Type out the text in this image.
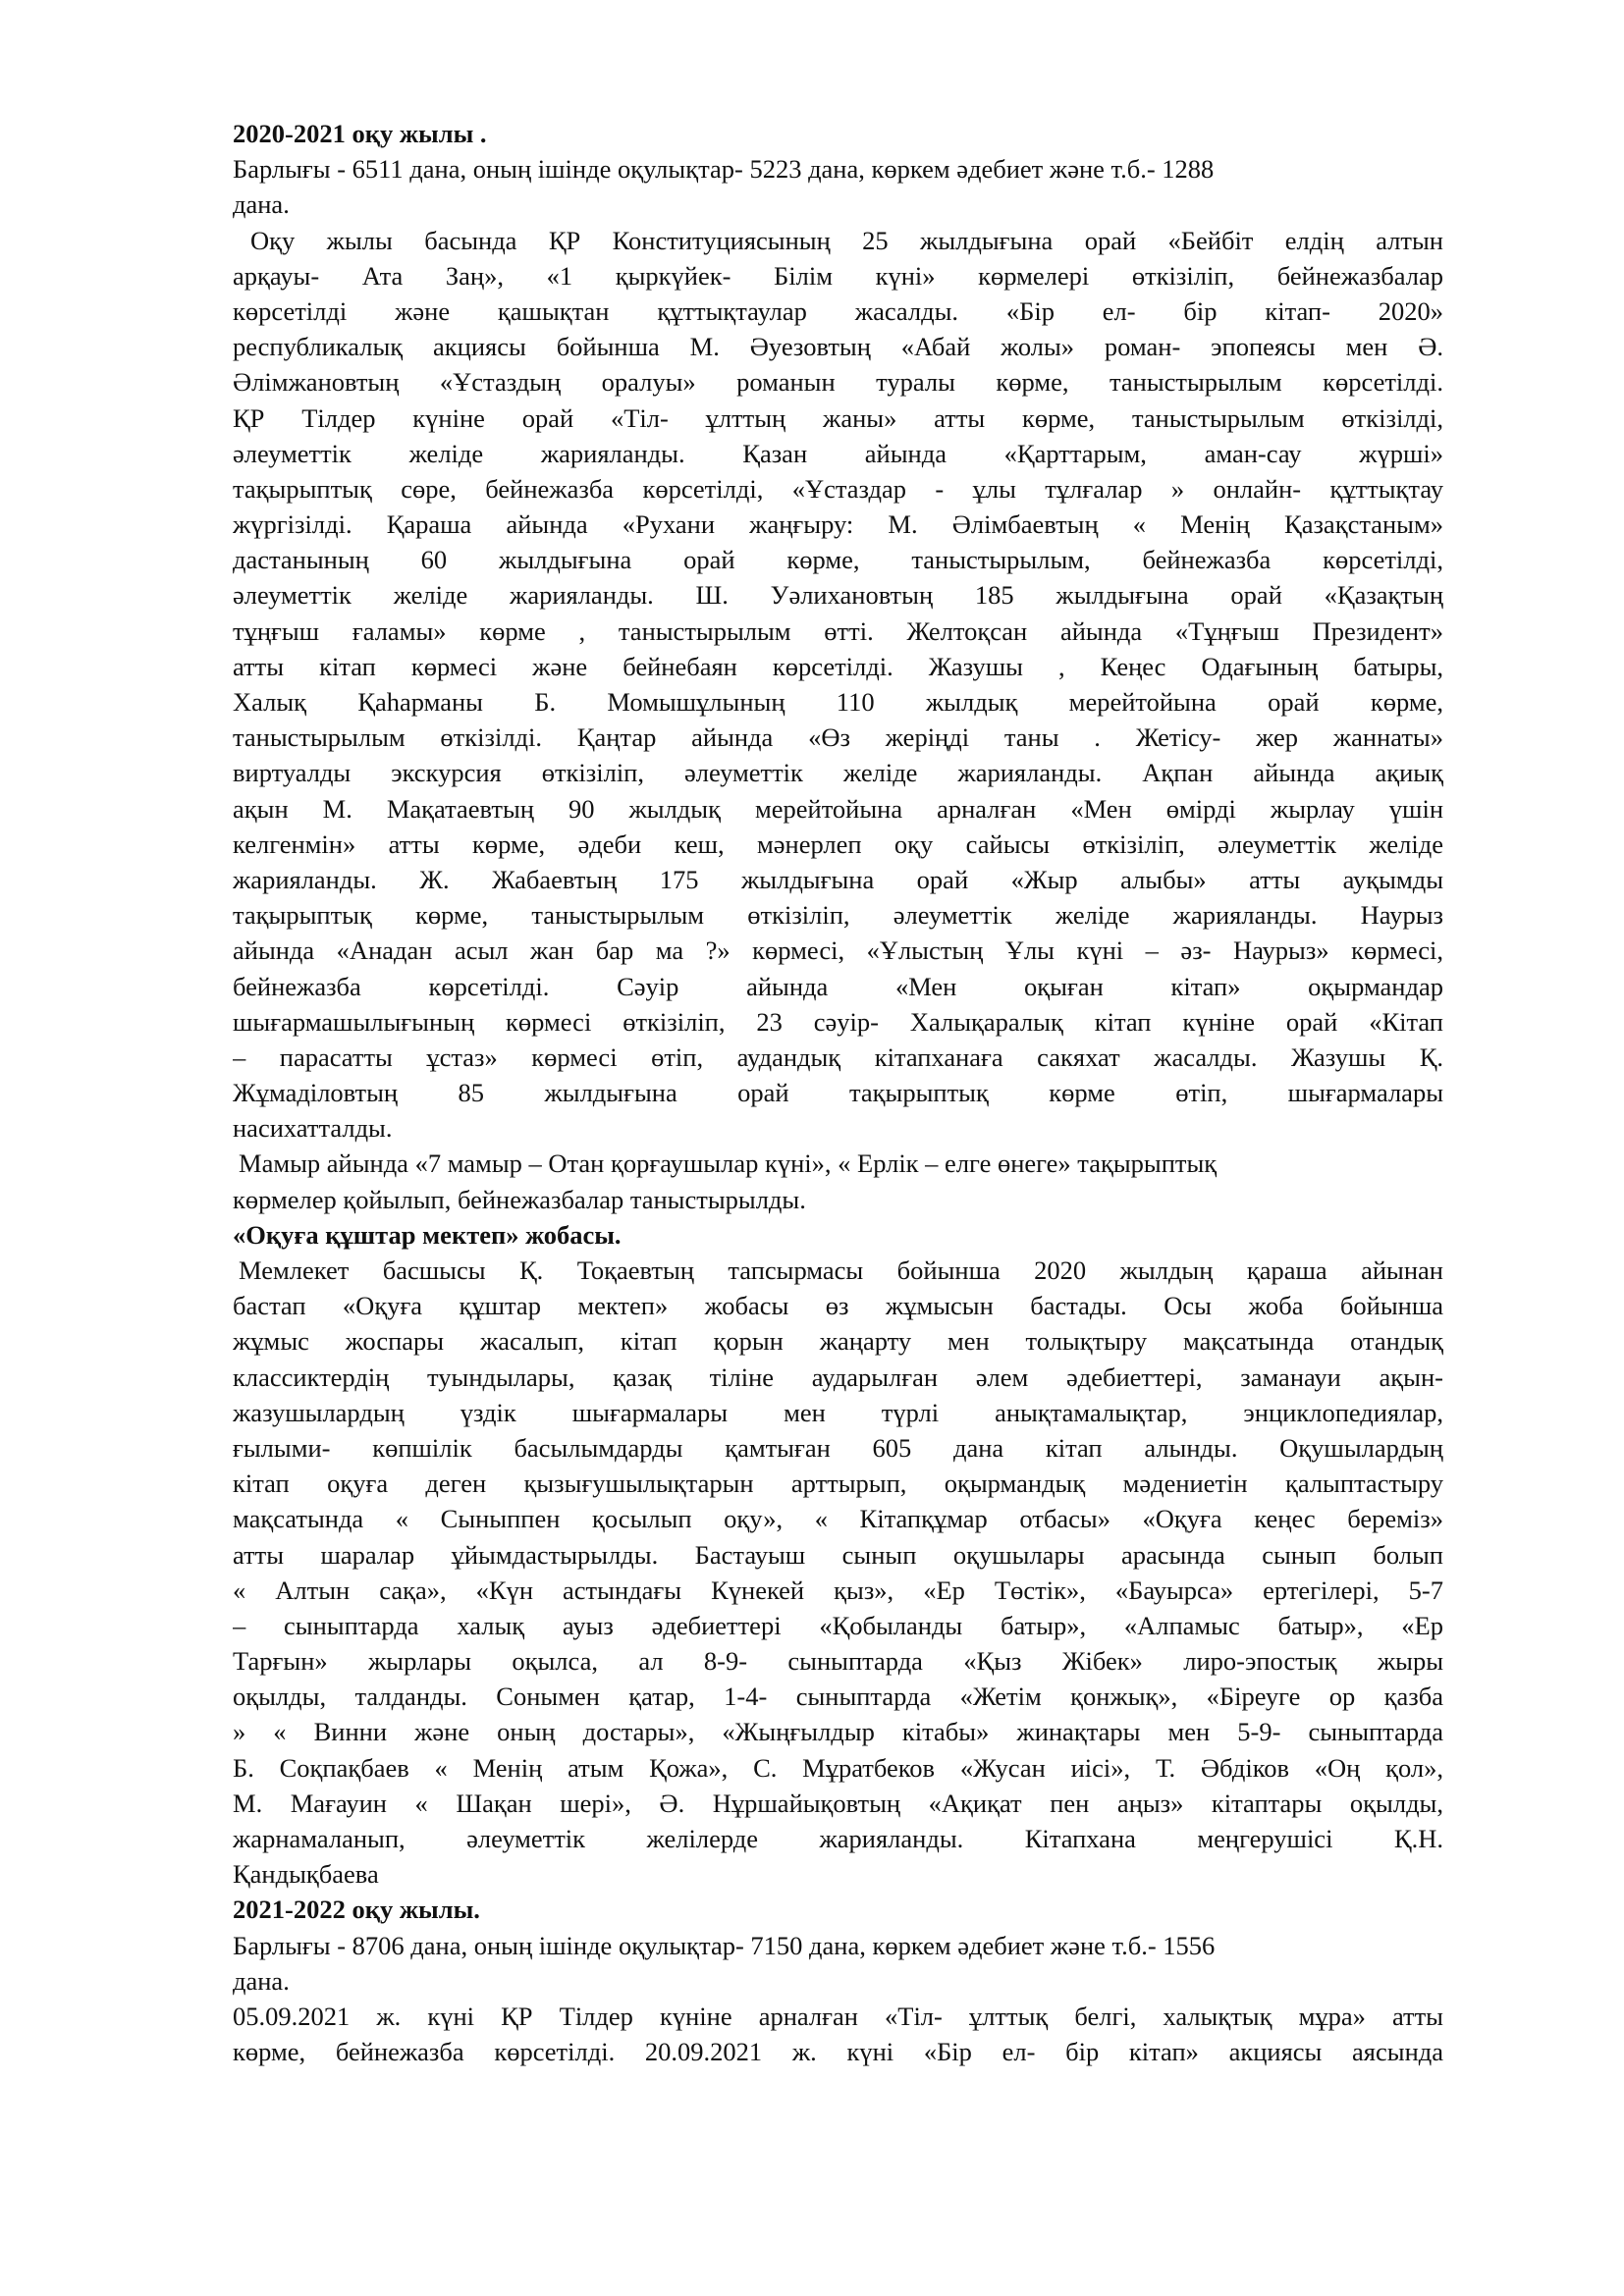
2020-2021 оқу жылы .
Барлығы - 6511 дана, оның ішінде оқулықтар- 5223 дана, көркем әдебиет және т.б.- 1288
дана.
Оқу жылы басында ҚР Конституциясының 25 жылдығына орай «Бейбіт елдің алтын
арқауы- Ата Заң», «1 қыркүйек- Білім күні» көрмелері өткізіліп, бейнежазбалар
көрсетілді және қашықтан құттықтаулар жасалды. «Бір ел- бір кітап- 2020»
республикалық акциясы бойынша М. Әуезовтың «Абай жолы» роман- эпопеясы мен Ә.
Әлімжановтың «Ұстаздың оралуы» романын туралы көрме, таныстырылым көрсетілді.
ҚР Тілдер күніне орай «Тіл- ұлттың жаны» атты көрме, таныстырылым өткізілді,
әлеуметтік желіде жарияланды. Қазан айында «Қарттарым, аман-сау жүрші»
тақырыптық сөре, бейнежазба көрсетілді, «Ұстаздар - ұлы тұлғалар » онлайн- құттықтау
жүргізілді. Қараша айында «Рухани жаңғыру: М. Әлімбаевтың « Менің Қазақстаным»
дастанының 60 жылдығына орай көрме, таныстырылым, бейнежазба көрсетілді,
әлеуметтік желіде жарияланды. Ш. Уәлихановтың 185 жылдығына орай «Қазақтың
тұңғыш ғаламы» көрме , таныстырылым өтті. Желтоқсан айында «Тұңғыш Президент»
атты кітап көрмесі және бейнебаян көрсетілді. Жазушы , Кеңес Одағының батыры,
Халық Қаһарманы Б. Момышұлының 110 жылдық мерейтойына орай көрме,
таныстырылым өткізілді. Қаңтар айында «Өз жеріңді таны . Жетісу- жер жаннаты»
виртуалды экскурсия өткізіліп, әлеуметтік желіде жарияланды. Ақпан айында ақиық
ақын М. Мақатаевтың 90 жылдық мерейтойына арналған «Мен өмірді жырлау үшін
келгенмін» атты көрме, әдеби кеш, мәнерлеп оқу сайысы өткізіліп, әлеуметтік желіде
жарияланды. Ж. Жабаевтың 175 жылдығына орай «Жыр алыбы» атты ауқымды
тақырыптық көрме, таныстырылым өткізіліп, әлеуметтік желіде жарияланды. Наурыз
айында «Анадан асыл жан бар ма ?» көрмесі, «Ұлыстың Ұлы күні – әз- Наурыз» көрмесі,
бейнежазба көрсетілді. Сәуір айында «Мен оқыған кітап» оқырмандар
шығармашылығының көрмесі өткізіліп, 23 сәуір- Халықаралық кітап күніне орай «Кітап
– парасатты ұстаз» көрмесі өтіп, аудандық кітапханаға сакяхат жасалды. Жазушы Қ.
Жұмаділовтың 85 жылдығына орай тақырыптық көрме өтіп, шығармалары
насихатталды.
Мамыр айында «7 мамыр – Отан қорғаушылар күні», « Ерлік – елге өнеге» тақырыптық
көрмелер қойылып, бейнежазбалар таныстырылды.
«Оқуға құштар мектеп» жобасы.
Мемлекет басшысы Қ. Тоқаевтың тапсырмасы бойынша 2020 жылдың қараша айынан
бастап «Оқуға құштар мектеп» жобасы өз жұмысын бастады. Осы жоба бойынша
жұмыс жоспары жасалып, кітап қорын жаңарту мен толықтыру мақсатында отандық
классиктердің туындылары, қазақ тіліне аударылған әлем әдебиеттері, заманауи ақын-
жазушылардың үздік шығармалары мен түрлі анықтамалықтар, энциклопедиялар,
ғылыми- көпшілік басылымдарды қамтыған 605 дана кітап алынды. Оқушылардың
кітап оқуға деген қызығушылықтарын арттырып, оқырмандық мәдениетін қалыптастыру
мақсатында « Сыныппен қосылып оқу», « Кітапқұмар отбасы» «Оқуға кеңес береміз»
атты шаралар ұйымдастырылды. Бастауыш сынып оқушылары арасында сынып болып
« Алтын сақа», «Күн астындағы Күнекей қыз», «Ер Төстік», «Бауырса» ертегілері, 5-7
– сыныптарда халық ауыз әдебиеттері «Қобыланды батыр», «Алпамыс батыр», «Ер
Тарғын» жырлары оқылса, ал 8-9- сыныптарда «Қыз Жібек» лиро-эпостық жыры
оқылды, талданды. Сонымен қатар, 1-4- сыныптарда «Жетім қонжық», «Біреуге ор қазба
» « Винни және оның достары», «Жыңғылдыр кітабы» жинақтары мен 5-9- сыныптарда
Б. Соқпақбаев « Менің атым Қожа», С. Мұратбеков «Жусан иісі», Т. Әбдіков «Оң қол»,
М. Мағауин « Шақан шері», Ә. Нұршайықовтың «Ақиқат пен аңыз» кітаптары оқылды,
жарнамаланып, әлеуметтік желілерде жарияланды. Кітапхана меңгерушісі Қ.Н.
Қандықбаева
2021-2022 оқу жылы.
Барлығы - 8706 дана, оның ішінде оқулықтар- 7150 дана, көркем әдебиет және т.б.- 1556
дана.
05.09.2021 ж. күні ҚР Тілдер күніне арналған «Тіл- ұлттық белгі, халықтық мұра» атты
көрме, бейнежазба көрсетілді. 20.09.2021 ж. күні «Бір ел- бір кітап» акциясы аясында
